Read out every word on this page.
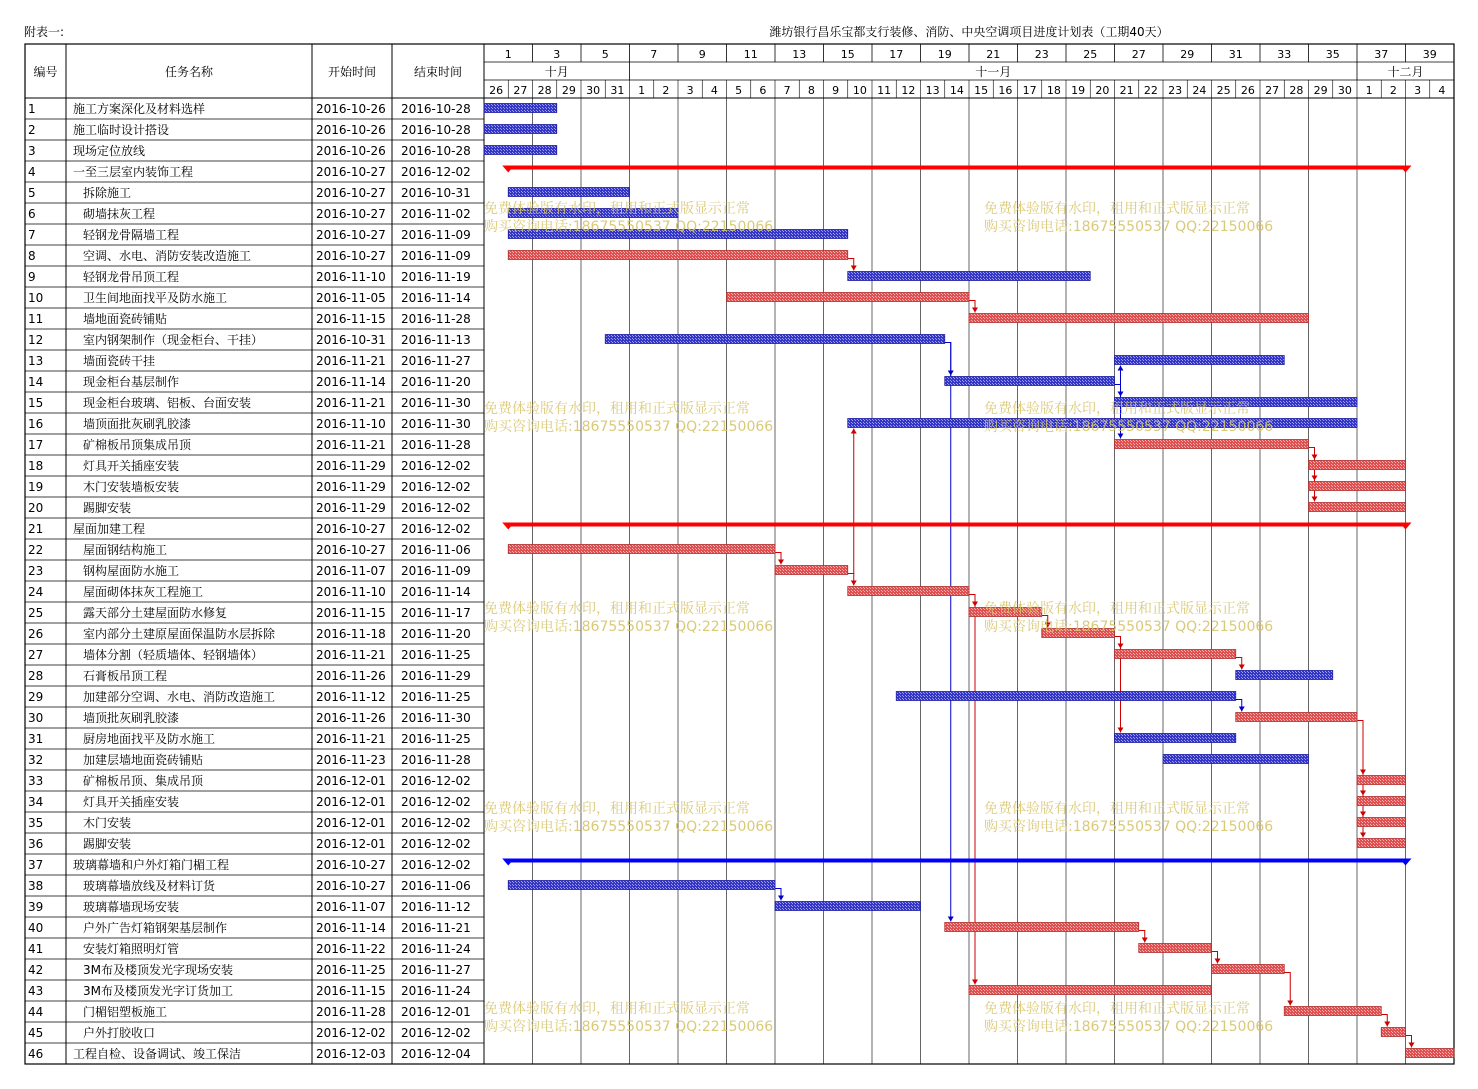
附表一:	潍坊银行昌乐宝都支行装修、消防、中央空调项目进度计划表（工期40天）
编号	任务名称	开始时间	结束时间
1	3	5	7	9	11	13	15	17	19	21	23	25	27	29	31	33	35	37	39
十月	十一月	十二月
26 27 28 29 30 31 1 2 3 4 5 6 7 8 9 10 11 12 13 14 15 16 17 18 19 20 21 22 23 24 25 26 27 28 29 30 1 2 3 4
1	施工方案深化及材料选样	2016-10-26 2016-10-28
2	施工临时设计搭设	2016-10-26 2016-10-28
3	现场定位放线	2016-10-26 2016-10-28
4	一至三层室内装饰工程	2016-10-27 2016-12-02
5	拆除施工	2016-10-27 2016-10-31
6	砌墙抹灰工程	2016-10-27 2016-11-02
7	轻钢龙骨隔墙工程	2016-10-27 2016-11-09
8	空调、水电、消防安装改造施工	2016-10-27 2016-11-09
9	轻钢龙骨吊顶工程	2016-11-10 2016-11-19
10	卫生间地面找平及防水施工	2016-11-05 2016-11-14
11	墙地面瓷砖铺贴	2016-11-15 2016-11-28
12	室内钢架制作（现金柜台、干挂）	2016-10-31 2016-11-13
13	墙面瓷砖干挂	2016-11-21 2016-11-27
14	现金柜台基层制作	2016-11-14 2016-11-20
15	现金柜台玻璃、铝板、台面安装	2016-11-21 2016-11-30
16	墙顶面批灰刷乳胶漆	2016-11-10 2016-11-30
17	矿棉板吊顶集成吊顶	2016-11-21 2016-11-28
18	灯具开关插座安装	2016-11-29 2016-12-02
19	木门安装墙板安装	2016-11-29 2016-12-02
20	踢脚安装	2016-11-29 2016-12-02
21 屋面加建工程	2016-10-27 2016-12-02
22	屋面钢结构施工	2016-10-27 2016-11-06
23	钢构屋面防水施工	2016-11-07 2016-11-09
24	屋面砌体抹灰工程施工	2016-11-10 2016-11-14
25	露天部分土建屋面防水修复	2016-11-15 2016-11-17
26	室内部分土建原屋面保温防水层拆除	2016-11-18 2016-11-20
27	墙体分割（轻质墙体、轻钢墙体）	2016-11-21 2016-11-25
28	石膏板吊顶工程	2016-11-26 2016-11-29
29	加建部分空调、水电、消防改造施工	2016-11-12 2016-11-25
30	墙顶批灰刷乳胶漆	2016-11-26 2016-11-30
31	厨房地面找平及防水施工	2016-11-21 2016-11-25
32	加建层墙地面瓷砖铺贴	2016-11-23 2016-11-28
33	矿棉板吊顶、集成吊顶	2016-12-01 2016-12-02
34	灯具开关插座安装	2016-12-01 2016-12-02
35	木门安装	2016-12-01 2016-12-02
36	踢脚安装	2016-12-01 2016-12-02
37 玻璃幕墙和户外灯箱门楣工程	2016-10-27 2016-12-02
38	玻璃幕墙放线及材料订货	2016-10-27 2016-11-06
39	玻璃幕墙现场安装	2016-11-07 2016-11-12
40	户外广告灯箱钢架基层制作	2016-11-14 2016-11-21
41	安装灯箱照明灯管	2016-11-22 2016-11-24
42	3M布及楼顶发光字现场安装	2016-11-25 2016-11-27
43	3M布及楼顶发光字订货加工	2016-11-15 2016-11-24
44	门楣铝塑板施工	2016-11-28 2016-12-01
45	户外打胶收口	2016-12-02 2016-12-02
46 工程自检、设备调试、竣工保洁	2016-12-03 2016-12-04
免费体验版有水印，租用和正式版显示正常
购买咨询电话:18675550537 QQ:22150066
免费体验版有水印，租用和正式版显示正常
购买咨询电话:18675550537 QQ:22150066
免费体验版有水印，租用和正式版显示正常
购买咨询电话:18675550537 QQ:22150066
免费体验版有水印，租用和正式版显示正常
购买咨询电话:18675550537 QQ:22150066
免费体验版有水印，租用和正式版显示正常
购买咨询电话:18675550537 QQ:22150066
免费体验版有水印，租用和正式版显示正常
购买咨询电话:18675550537 QQ:22150066
免费体验版有水印，租用和正式版显示正常
购买咨询电话:18675550537 QQ:22150066
免费体验版有水印，租用和正式版显示正常
购买咨询电话:18675550537 QQ:22150066
免费体验版有水印，租用和正式版显示正常
购买咨询电话:18675550537 QQ:22150066
免费体验版有水印，租用和正式版显示正常
购买咨询电话:18675550537 QQ:22150066
